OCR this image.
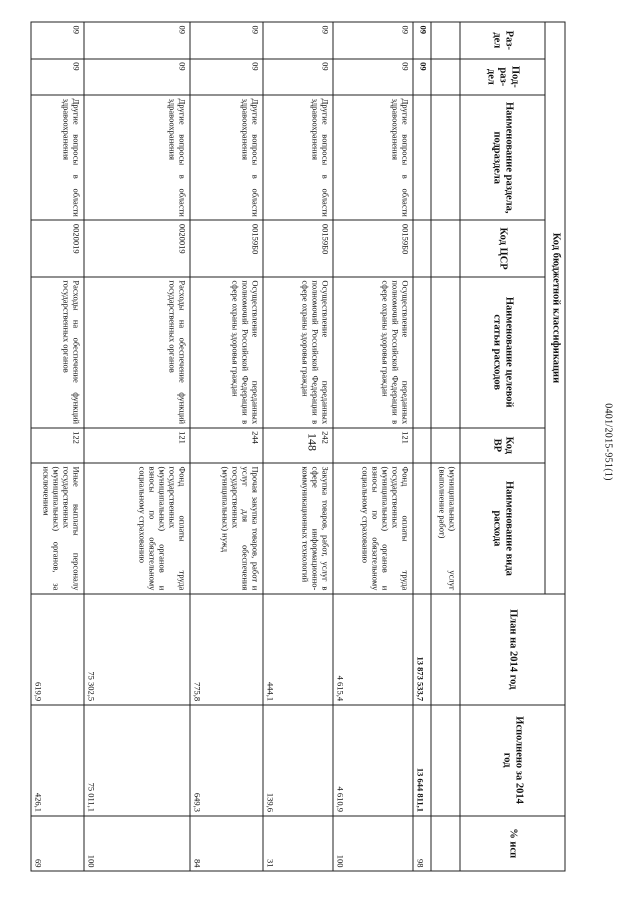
148
Код бюджетной классификации							План на 2014 год	Исполнено за 2014 год	% исп
Раз-дел	Под-раз-дел	Наименование раздела, подраздела	Код ЦСР	Наименование целевой статьи расходов	Код ВР	Наименование вида расхода			
						(муниципальных) услуг (выполнение работ)			
09	09						13 873 533,7	13 644 811,1	98
09	09	Другие вопросы в области здравоохранения	00159Б0	Осуществление переданных полномочий Российской Федерации в сфере охраны здоровья граждан	121	Фонд оплаты труда государственных (муниципальных) органов и взносы по обязательному социальному страхованию	4 615,4	4 610,9	100
09	09	Другие вопросы в области здравоохранения	00159Б0	Осуществление переданных полномочий Российской Федерации в сфере охраны здоровья граждан	242	Закупка товаров, работ, услуг в сфере информационно-коммуникационных технологий	444,1	139,6	31
09	09	Другие вопросы в области здравоохранения	00159Б0	Осуществление переданных полномочий Российской Федерации в сфере охраны здоровья граждан	244	Прочая закупка товаров, работ и услуг для обеспечения государственных (муниципальных) нужд	775,8	649,3	84
09	09	Другие вопросы в области здравоохранения	0020019	Расходы на обеспечение функций государственных органов	121	Фонд оплаты труда государственных (муниципальных) органов и взносы по обязательному социальному страхованию	75 302,5	75 011,1	100
09	09	Другие вопросы в области здравоохранения	0020019	Расходы на обеспечение функций государственных органов	122	Иные выплаты персоналу государственных (муниципальных) органов, за исключением	619,9	426,1	69
0401/2015-951(1)
